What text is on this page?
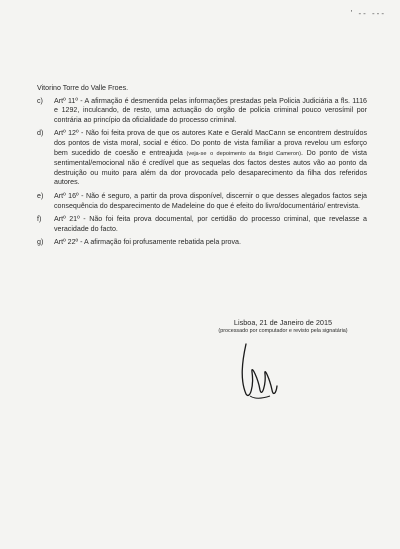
' -- ---

Vitorino Torre do Valle Froes.

c) Artº 11º - A afirmação é desmentida pelas informações prestadas pela Policia Judiciária a fls. 1116 e 1292, inculcando, de resto, uma actuação do orgão de policia criminal pouco verosímil por contrária ao princípio da oficialidade do processo criminal.
d) Artº 12º - Não foi feita prova de que os autores Kate e Gerald MacCann se encontrem destruídos dos pontos de vista moral, social e ético. Do ponto de vista familiar a prova revelou um esforço bem sucedido de coesão e entreajuda (veja-se o depoimento da Brigid Cameron). Do ponto de vista sentimental/emocional não é credível que as sequelas dos factos destes autos vão ao ponto da destruição ou muito para além da dor provocada pelo desaparecimento da filha dos referidos autores.
e) Artº 16º - Não é seguro, a partir da prova disponível, discernir o que desses alegados factos seja consequência do desparecimento de Madeleine do que é efeito do livro/documentário/ entrevista.
f) Artº 21º - Não foi feita prova documental, por certidão do processo criminal, que revelasse a veracidade do facto.
g) Artº 22º - A afirmação foi profusamente rebatida pela prova.
Lisboa, 21 de Janeiro de 2015
(processado por computador e revisto pela signatária)
